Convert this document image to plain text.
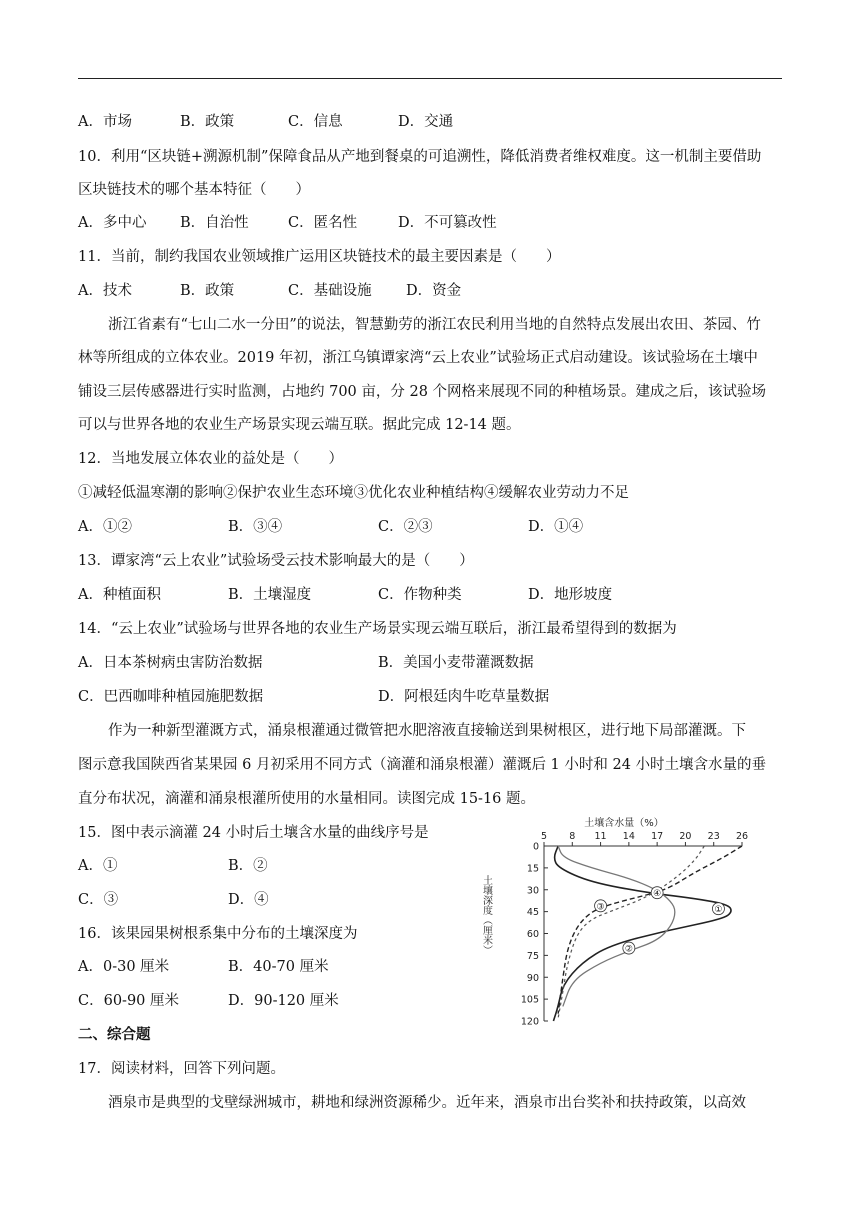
A．市场	B．政策	C．信息	D．交通
10．利用“区块链+溯源机制”保障食品从产地到餐桌的可追溯性，降低消费者维权难度。这一机制主要借助
区块链技术的哪个基本特征（　　）
A．多中心 B．自治性	C．匿名性	D．不可篡改性
11．当前，制约我国农业领域推广运用区块链技术的最主要因素是（　　）
A．技术	B．政策	C．基础设施 D．资金
浙江省素有“七山二水一分田”的说法，智慧勤劳的浙江农民利用当地的自然特点发展出农田、茶园、竹
林等所组成的立体农业。2019 年初，浙江乌镇谭家湾“云上农业”试验场正式启动建设。该试验场在土壤中
铺设三层传感器进行实时监测，占地约 700 亩，分 28 个网格来展现不同的种植场景。建成之后，该试验场
可以与世界各地的农业生产场景实现云端互联。据此完成 12-14 题。
12．当地发展立体农业的益处是（　　）
①减轻低温寒潮的影响②保护农业生态环境③优化农业种植结构④缓解农业劳动力不足
A．①②	B．③④	C．②③	D．①④
13．谭家湾“云上农业”试验场受云技术影响最大的是（　　）
A．种植面积	B．土壤湿度	C．作物种类	D．地形坡度
14．“云上农业”试验场与世界各地的农业生产场景实现云端互联后，浙江最希望得到的数据为
A．日本茶树病虫害防治数据	B．美国小麦带灌溉数据
C．巴西咖啡种植园施肥数据	D．阿根廷肉牛吃草量数据
作为一种新型灌溉方式，涌泉根灌通过微管把水肥溶液直接输送到果树根区，进行地下局部灌溉。下
图示意我国陕西省某果园 6 月初采用不同方式（滴灌和涌泉根灌）灌溉后 1 小时和 24 小时土壤含水量的垂
直分布状况，滴灌和涌泉根灌所使用的水量相同。读图完成 15-16 题。
15．图中表示滴灌 24 小时后土壤含水量的曲线序号是
A．①	B．②
C．③	D．④
16．该果园果树根系集中分布的土壤深度为
A．0-30 厘米	B．40-70 厘米
C．60-90 厘米	D．90-120 厘米
二、综合题
17．阅读材料，回答下列问题。
酒泉市是典型的戈壁绿洲城市，耕地和绿洲资源稀少。近年来，酒泉市出台奖补和扶持政策，以高效
土壤含水量（%）
5 8 11 14 17 20 23 26
0
15
30
45
60
75
90
105
120
①
②
③
④
土壤深度（厘米）
